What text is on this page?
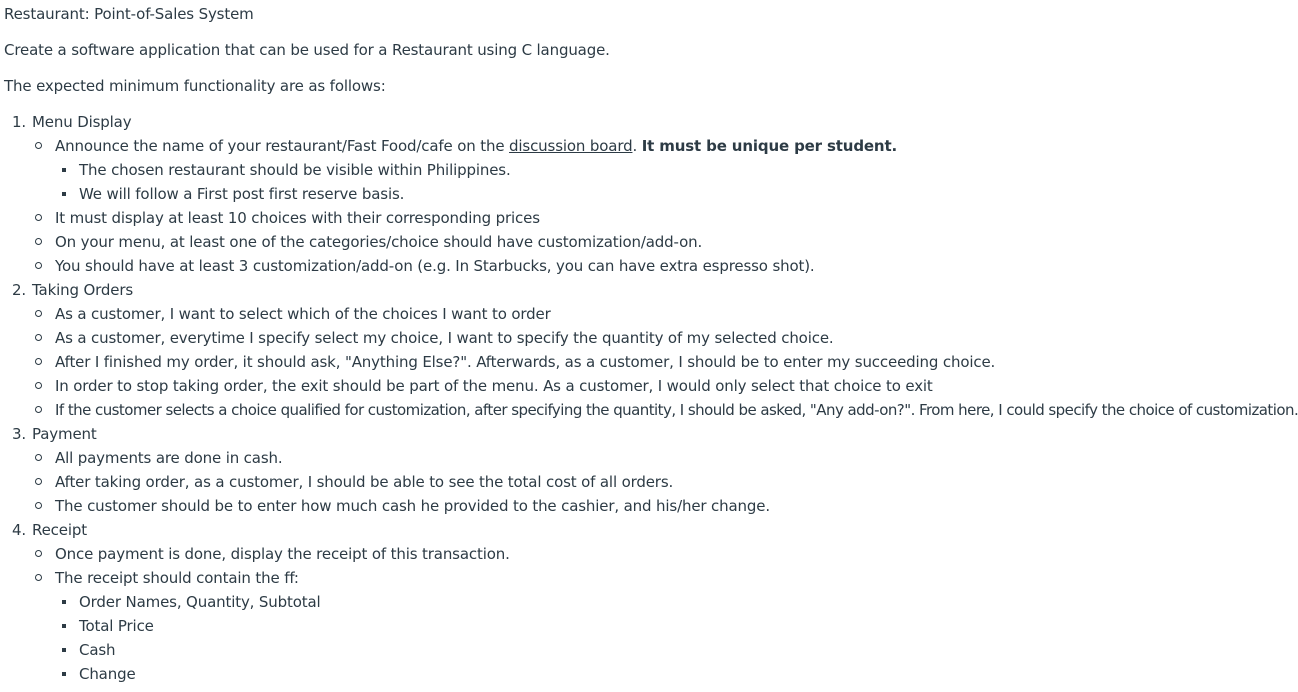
Restaurant: Point-of-Sales System
Create a software application that can be used for a Restaurant using C language.
The expected minimum functionality are as follows:
1. Menu Display
Announce the name of your restaurant/Fast Food/cafe on the discussion board. It must be unique per student.
The chosen restaurant should be visible within Philippines.
We will follow a First post first reserve basis.
It must display at least 10 choices with their corresponding prices
On your menu, at least one of the categories/choice should have customization/add-on.
You should have at least 3 customization/add-on (e.g. In Starbucks, you can have extra espresso shot).
2. Taking Orders
As a customer, I want to select which of the choices I want to order
As a customer, everytime I specify select my choice, I want to specify the quantity of my selected choice.
After I finished my order, it should ask, "Anything Else?". Afterwards, as a customer, I should be to enter my succeeding choice.
In order to stop taking order, the exit should be part of the menu. As a customer, I would only select that choice to exit
If the customer selects a choice qualified for customization, after specifying the quantity, I should be asked, "Any add-on?". From here, I could specify the choice of customization.
3. Payment
All payments are done in cash.
After taking order, as a customer, I should be able to see the total cost of all orders.
The customer should be to enter how much cash he provided to the cashier, and his/her change.
4. Receipt
Once payment is done, display the receipt of this transaction.
The receipt should contain the ff:
Order Names, Quantity, Subtotal
Total Price
Cash
Change
